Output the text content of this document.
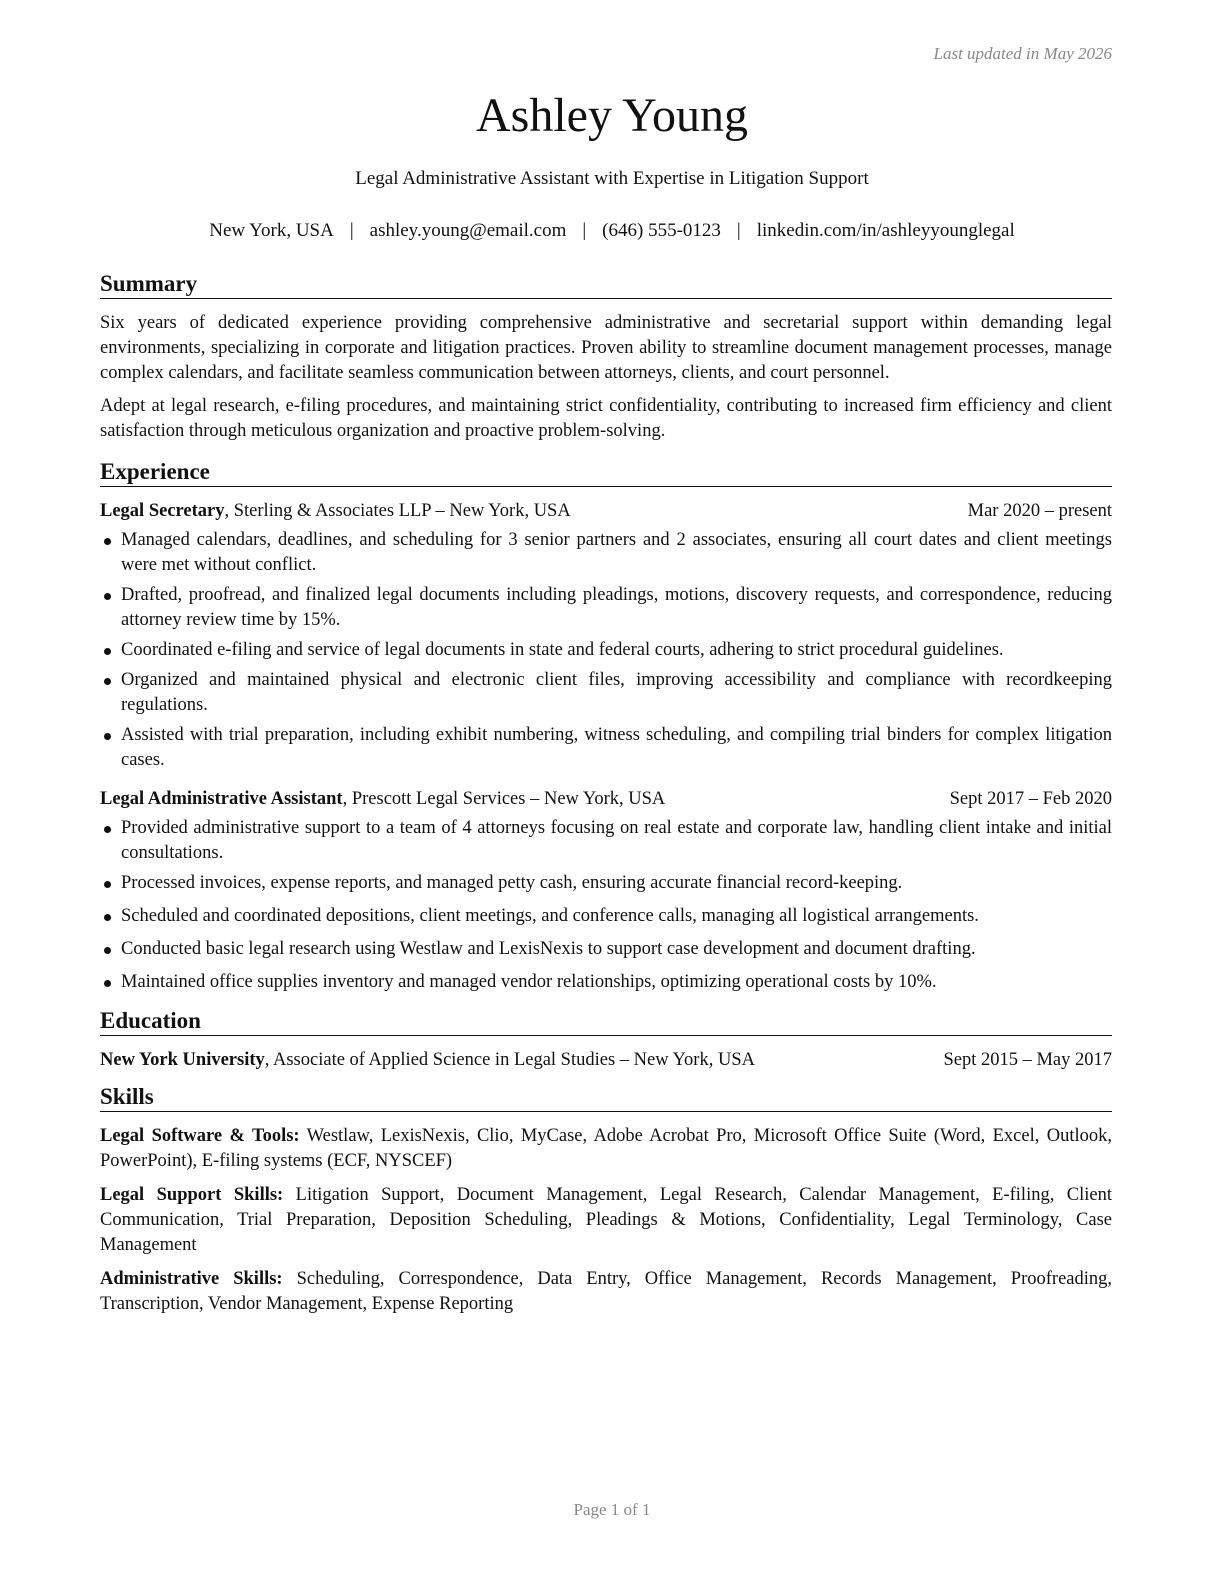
Last updated in May 2026
Ashley Young
Legal Administrative Assistant with Expertise in Litigation Support
New York, USA | ashley.young@email.com | (646) 555-0123 | linkedin.com/in/ashleyyounglegal
Summary

Six years of dedicated experience providing comprehensive administrative and secretarial support within demanding legal environments, specializing in corporate and litigation practices. Proven ability to streamline document management processes, manage complex calendars, and facilitate seamless communication between attorneys, clients, and court personnel.

Adept at legal research, e-filing procedures, and maintaining strict confidentiality, contributing to increased firm efficiency and client satisfaction through meticulous organization and proactive problem-solving.

Experience
Legal Secretary, Sterling & Associates LLP – New York, USA	Mar 2020 – present
Managed calendars, deadlines, and scheduling for 3 senior partners and 2 associates, ensuring all court dates and client meetings were met without conflict.
Drafted, proofread, and finalized legal documents including pleadings, motions, discovery requests, and correspondence, reducing attorney review time by 15%.
Coordinated e-filing and service of legal documents in state and federal courts, adhering to strict procedural guidelines.
Organized and maintained physical and electronic client files, improving accessibility and compliance with recordkeeping regulations.
Assisted with trial preparation, including exhibit numbering, witness scheduling, and compiling trial binders for complex litigation cases.
Legal Administrative Assistant, Prescott Legal Services – New York, USA	Sept 2017 – Feb 2020
Provided administrative support to a team of 4 attorneys focusing on real estate and corporate law, handling client intake and initial consultations.
Processed invoices, expense reports, and managed petty cash, ensuring accurate financial record-keeping.
Scheduled and coordinated depositions, client meetings, and conference calls, managing all logistical arrangements.
Conducted basic legal research using Westlaw and LexisNexis to support case development and document drafting.
Maintained office supplies inventory and managed vendor relationships, optimizing operational costs by 10%.
Education
New York University, Associate of Applied Science in Legal Studies – New York, USA	Sept 2015 – May 2017
Skills

Legal Software & Tools: Westlaw, LexisNexis, Clio, MyCase, Adobe Acrobat Pro, Microsoft Office Suite (Word, Excel, Outlook, PowerPoint), E-filing systems (ECF, NYSCEF)

Legal Support Skills: Litigation Support, Document Management, Legal Research, Calendar Management, E-filing, Client Communication, Trial Preparation, Deposition Scheduling, Pleadings & Motions, Confidentiality, Legal Terminology, Case Management

Administrative Skills: Scheduling, Correspondence, Data Entry, Office Management, Records Management, Proofreading, Transcription, Vendor Management, Expense Reporting

Page 1 of 1
